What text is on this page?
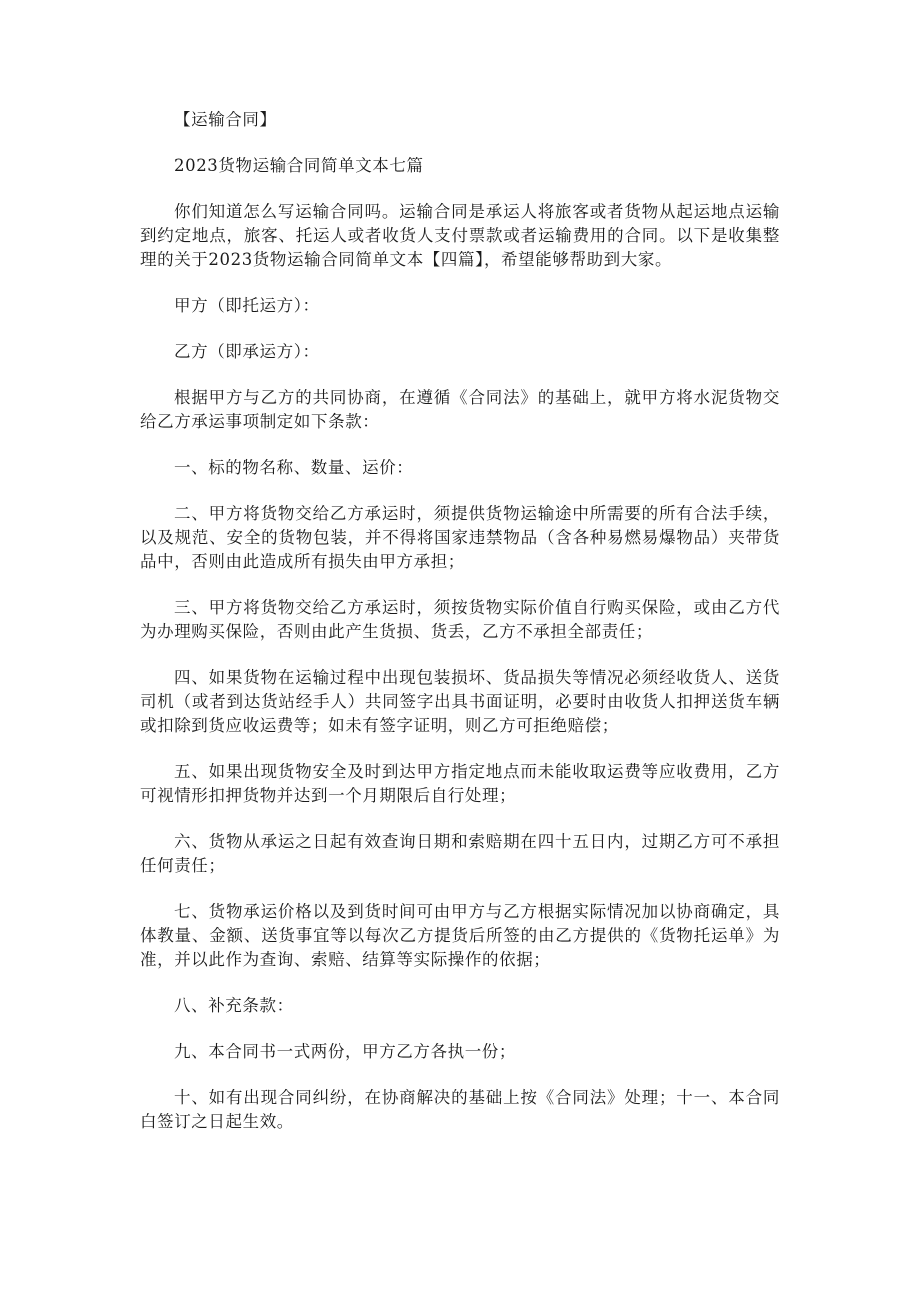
【运输合同】

2023货物运输合同简单文本七篇

你们知道怎么写运输合同吗。运输合同是承运人将旅客或者货物从起运地点运输到约定地点，旅客、托运人或者收货人支付票款或者运输费用的合同。以下是收集整理的关于2023货物运输合同简单文本【四篇】，希望能够帮助到大家。

甲方（即托运方）：

乙方（即承运方）：

根据甲方与乙方的共同协商，在遵循《合同法》的基础上，就甲方将水泥货物交给乙方承运事项制定如下条款：

一、标的物名称、数量、运价：

二、甲方将货物交给乙方承运时，须提供货物运输途中所需要的所有合法手续，以及规范、安全的货物包装，并不得将国家违禁物品（含各种易燃易爆物品）夹带货品中，否则由此造成所有损失由甲方承担；

三、甲方将货物交给乙方承运时，须按货物实际价值自行购买保险，或由乙方代为办理购买保险，否则由此产生货损、货丢，乙方不承担全部责任；

四、如果货物在运输过程中出现包装损坏、货品损失等情况必须经收货人、送货司机（或者到达货站经手人）共同签字出具书面证明，必要时由收货人扣押送货车辆或扣除到货应收运费等；如未有签字证明，则乙方可拒绝赔偿；

五、如果出现货物安全及时到达甲方指定地点而未能收取运费等应收费用，乙方可视情形扣押货物并达到一个月期限后自行处理；

六、货物从承运之日起有效查询日期和索赔期在四十五日内，过期乙方可不承担任何责任；

七、货物承运价格以及到货时间可由甲方与乙方根据实际情况加以协商确定，具体教量、金额、送货事宜等以每次乙方提货后所签的由乙方提供的《货物托运单》为准，并以此作为查询、索赔、结算等实际操作的依据；

八、补充条款：

九、本合同书一式两份，甲方乙方各执一份；

十、如有出现合同纠纷，在协商解决的基础上按《合同法》处理；十一、本合同白签订之日起生效。
